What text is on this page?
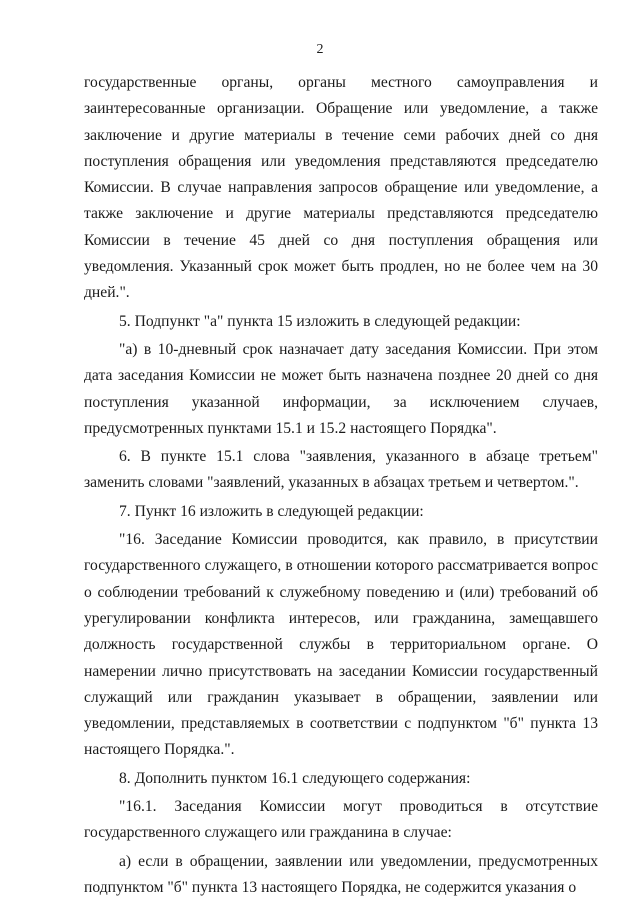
2

государственные органы, органы местного самоуправления и заинтересованные организации. Обращение или уведомление, а также заключение и другие материалы в течение семи рабочих дней со дня поступления обращения или уведомления представляются председателю Комиссии. В случае направления запросов обращение или уведомление, а также заключение и другие материалы представляются председателю Комиссии в течение 45 дней со дня поступления обращения или уведомления. Указанный срок может быть продлен, но не более чем на 30 дней.".

5. Подпункт "а" пункта 15 изложить в следующей редакции:

"а) в 10-дневный срок назначает дату заседания Комиссии. При этом дата заседания Комиссии не может быть назначена позднее 20 дней со дня поступления указанной информации, за исключением случаев, предусмотренных пунктами 15.1 и 15.2 настоящего Порядка".

6. В пункте 15.1 слова "заявления, указанного в абзаце третьем" заменить словами "заявлений, указанных в абзацах третьем и четвертом.".

7. Пункт 16 изложить в следующей редакции:

"16. Заседание Комиссии проводится, как правило, в присутствии государственного служащего, в отношении которого рассматривается вопрос о соблюдении требований к служебному поведению и (или) требований об урегулировании конфликта интересов, или гражданина, замещавшего должность государственной службы в территориальном органе. О намерении лично присутствовать на заседании Комиссии государственный служащий или гражданин указывает в обращении, заявлении или уведомлении, представляемых в соответствии с подпунктом "б" пункта 13 настоящего Порядка.".

8. Дополнить пунктом 16.1 следующего содержания:

"16.1. Заседания Комиссии могут проводиться в отсутствие государственного служащего или гражданина в случае:

а) если в обращении, заявлении или уведомлении, предусмотренных подпунктом "б" пункта 13 настоящего Порядка, не содержится указания о
